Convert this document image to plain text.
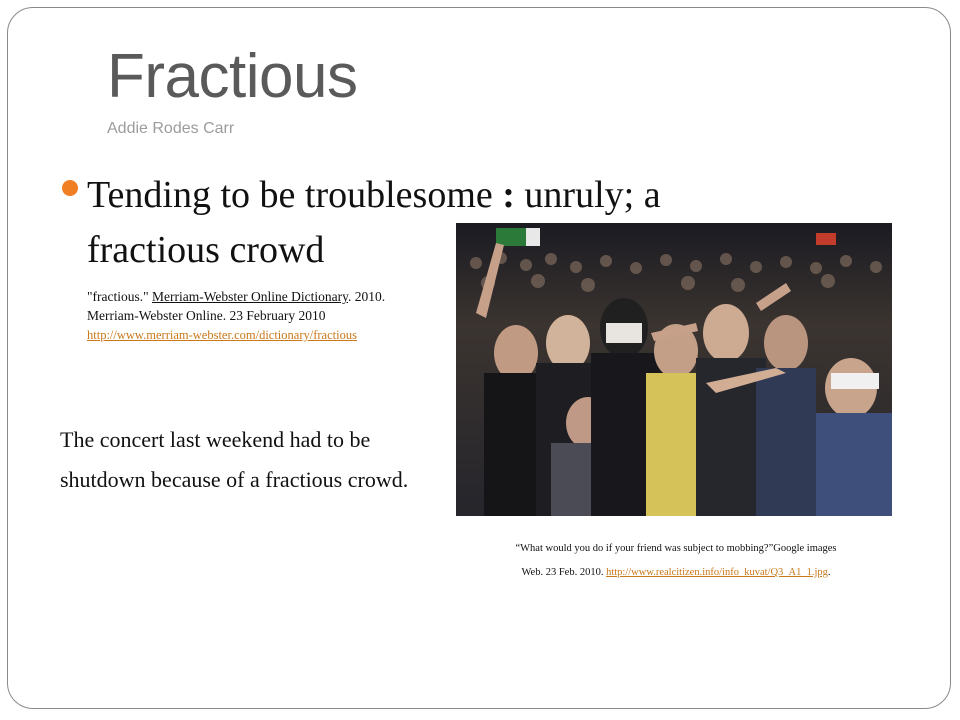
Fractious
Addie Rodes Carr
Tending to be troublesome : unruly; a fractious crowd
"fractious." Merriam-Webster Online Dictionary. 2010. Merriam-Webster Online. 23 February 2010
http://www.merriam-webster.com/dictionary/fractious
The concert last weekend had to be shutdown because of a fractious crowd.
“What would you do if your friend was subject to mobbing?”Google images
Web. 23 Feb. 2010. http://www.realcitizen.info/info_kuvat/Q3_A1_1.jpg.
